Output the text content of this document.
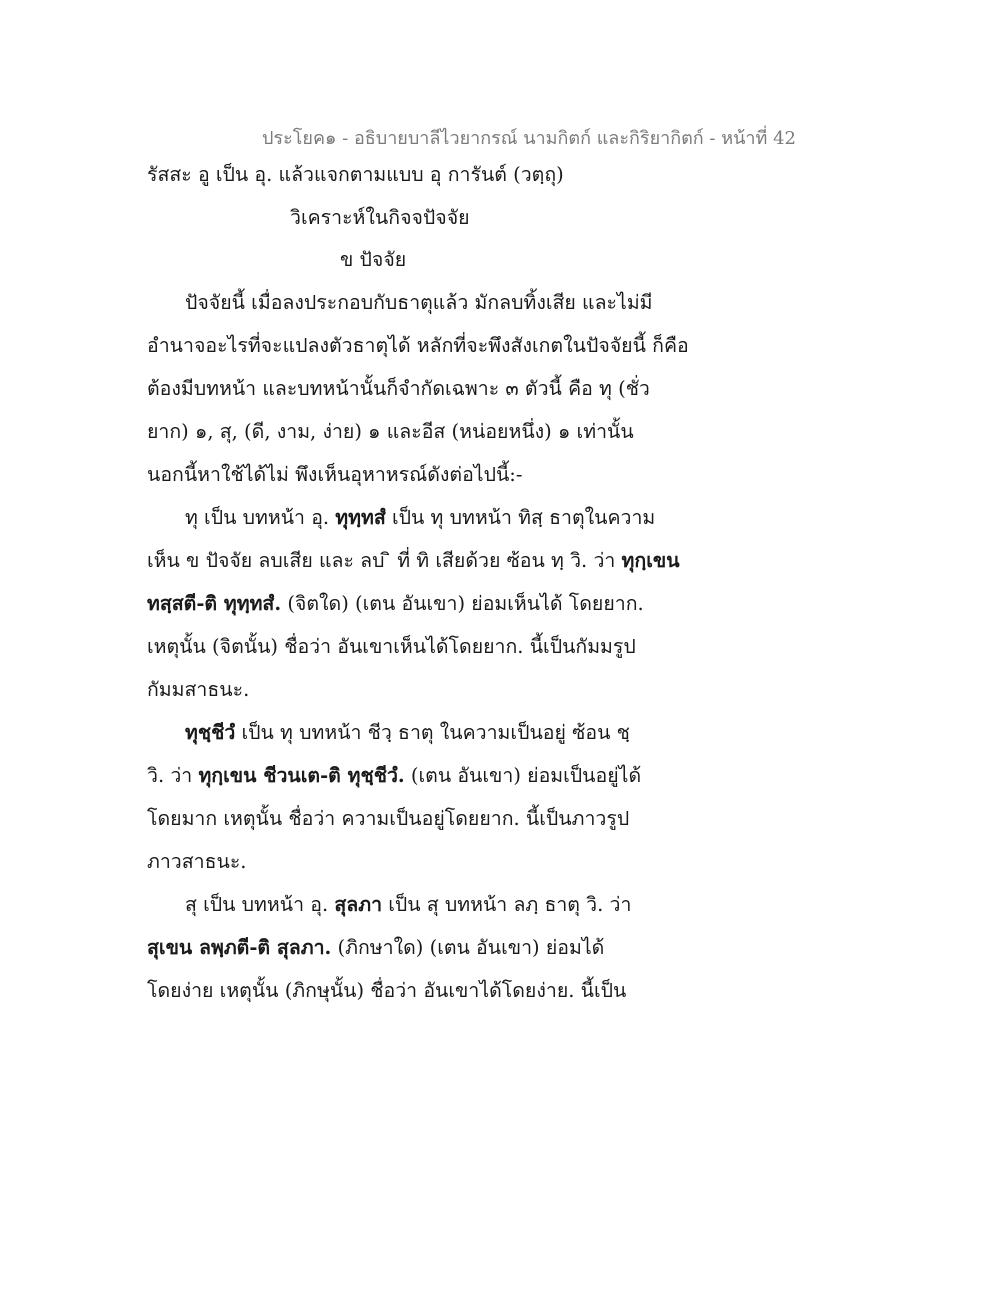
ประโยค๑ - อธิบายบาลีไวยากรณ์ นามกิตก์ และกิริยากิตก์ - หน้าที่ 42
รัสสะ อู เป็น อุ. แล้วแจกตามแบบ อุ การันต์ (วตฺถุ)
วิเคราะห์ในกิจจปัจจัย
ข ปัจจัย
ปัจจัยนี้ เมื่อลงประกอบกับธาตุแล้ว มักลบทิ้งเสีย และไม่มี
อำนาจอะไรที่จะแปลงตัวธาตุได้ หลักที่จะพึงสังเกตในปัจจัยนี้ ก็คือ
ต้องมีบทหน้า และบทหน้านั้นก็จำกัดเฉพาะ ๓ ตัวนี้ คือ ทุ (ชั่ว
ยาก) ๑, สุ, (ดี, งาม, ง่าย) ๑ และอีส (หน่อยหนึ่ง) ๑ เท่านั้น
นอกนี้หาใช้ได้ไม่ พึงเห็นอุหาหรณ์ดังต่อไปนี้:-
ทุ เป็น บทหน้า อุ. ทุทฺทสํ เป็น ทุ บทหน้า ทิสฺ ธาตุในความ
เห็น ข ปัจจัย ลบเสีย และ ลบ ิ ที่ ทิ เสียด้วย ซ้อน ทฺ วิ. ว่า ทุกฺเขน
ทสฺสตี-ติ ทุทฺทสํ. (จิตใด) (เตน อันเขา) ย่อมเห็นได้ โดยยาก.
เหตุนั้น (จิตนั้น) ชื่อว่า อันเขาเห็นได้โดยยาก. นี้เป็นกัมมรูป
กัมมสาธนะ.
ทุชฺชีวํ เป็น ทุ บทหน้า ชีวฺ ธาตุ ในความเป็นอยู่ ซ้อน ชฺ
วิ. ว่า ทุกฺเขน ชีวนเต-ติ ทุชฺชีวํ. (เตน อันเขา) ย่อมเป็นอยู่ได้
โดยมาก เหตุนั้น ชื่อว่า ความเป็นอยู่โดยยาก. นี้เป็นภาวรูป
ภาวสาธนะ.
สุ เป็น บทหน้า อุ. สุลภา เป็น สุ บทหน้า ลภฺ ธาตุ วิ. ว่า
สุเขน ลพฺภตี-ติ สุลภา. (ภิกษาใด) (เตน อันเขา) ย่อมได้
โดยง่าย เหตุนั้น (ภิกษุนั้น) ชื่อว่า อันเขาได้โดยง่าย. นี้เป็น
